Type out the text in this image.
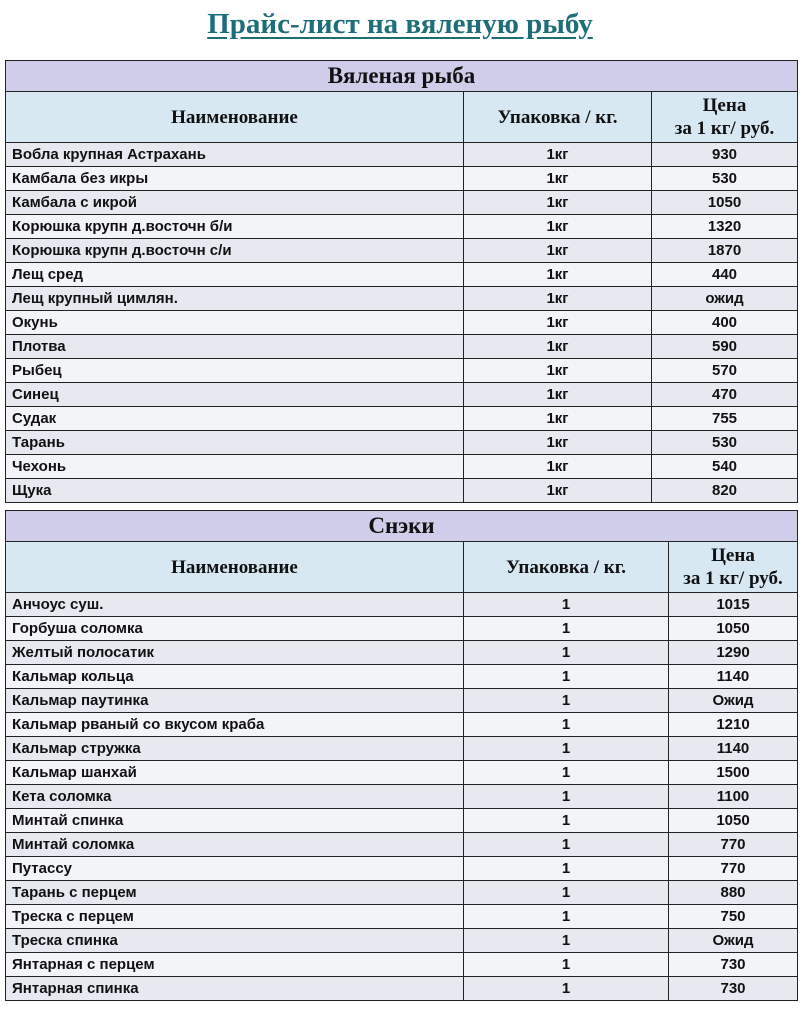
Прайс-лист на вяленую рыбу
Вяленая рыба		
Наименование	Упаковка / кг.	Цена
за 1 кг/ руб.
Вобла крупная Астрахань	1кг	930
Камбала без икры	1кг	530
Камбала с икрой	1кг	1050
Корюшка крупн д.восточн б/и	1кг	1320
Корюшка крупн д.восточн с/и	1кг	1870
Лещ сред	1кг	440
Лещ крупный цимлян.	1кг	ожид
Окунь	1кг	400
Плотва	1кг	590
Рыбец	1кг	570
Синец	1кг	470
Судак	1кг	755
Тарань	1кг	530
Чехонь	1кг	540
Щука	1кг	820
Снэки		
Наименование	Упаковка / кг.	Цена
за 1 кг/ руб.
Анчоус суш.	1	1015
Горбуша соломка	1	1050
Желтый полосатик	1	1290
Кальмар кольца	1	1140
Кальмар паутинка	1	Ожид
Кальмар рваный со вкусом краба	1	1210
Кальмар стружка	1	1140
Кальмар шанхай	1	1500
Кета соломка	1	1100
Минтай спинка	1	1050
Минтай соломка	1	770
Путассу	1	770
Тарань с перцем	1	880
Треска с перцем	1	750
Треска спинка	1	Ожид
Янтарная с перцем	1	730
Янтарная спинка	1	730
